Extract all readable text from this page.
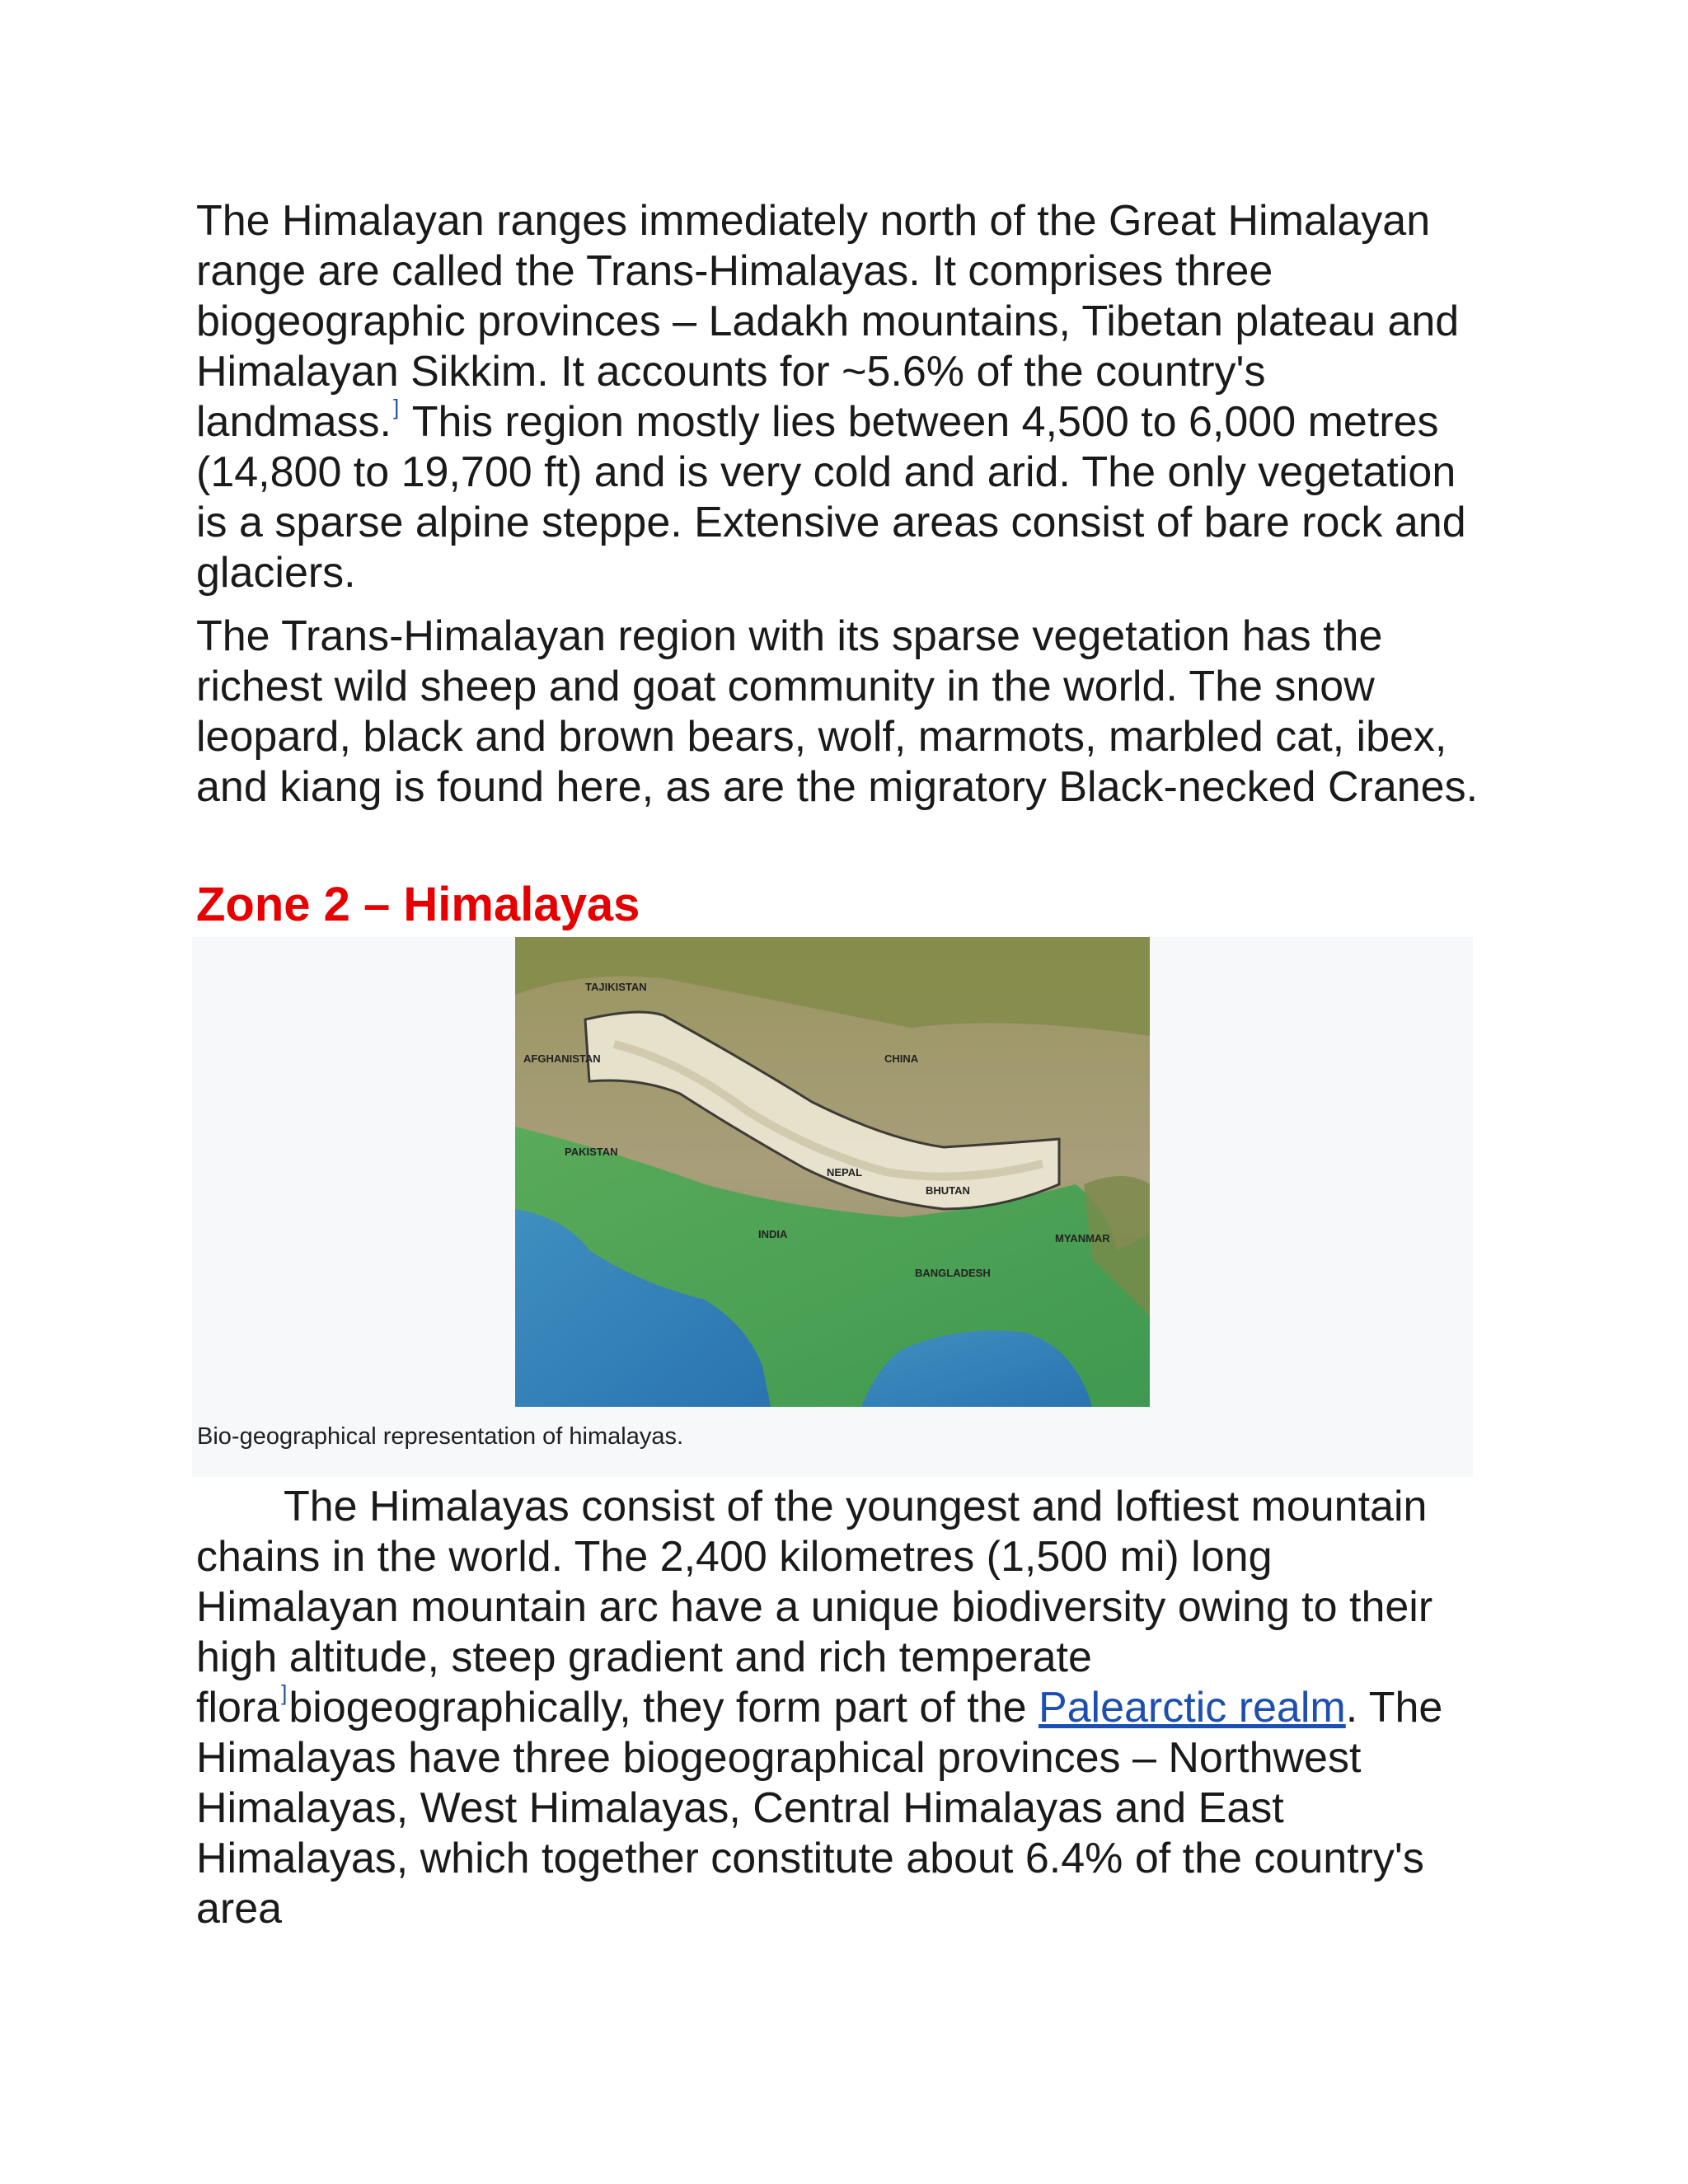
The Himalayan ranges immediately north of the Great Himalayan range are called the Trans-Himalayas. It comprises three biogeographic provinces – Ladakh mountains, Tibetan plateau and Himalayan Sikkim. It accounts for ~5.6% of the country's landmass.] This region mostly lies between 4,500 to 6,000 metres (14,800 to 19,700 ft) and is very cold and arid. The only vegetation is a sparse alpine steppe. Extensive areas consist of bare rock and glaciers.
The Trans-Himalayan region with its sparse vegetation has the richest wild sheep and goat community in the world. The snow leopard, black and brown bears, wolf, marmots, marbled cat, ibex, and kiang is found here, as are the migratory Black-necked Cranes.
Zone 2 – Himalayas
TAJIKISTAN
AFGHANISTAN	CHINA
PAKISTAN
NEPAL
BHUTAN
INDIA	MYANMAR
BANGLADESH
Bio-geographical representation of himalayas.
The Himalayas consist of the youngest and loftiest mountain chains in the world. The 2,400 kilometres (1,500 mi) long Himalayan mountain arc have a unique biodiversity owing to their high altitude, steep gradient and rich temperate flora]biogeographically, they form part of the Palearctic realm. The Himalayas have three biogeographical provinces – Northwest Himalayas, West Himalayas, Central Himalayas and East Himalayas, which together constitute about 6.4% of the country's area
